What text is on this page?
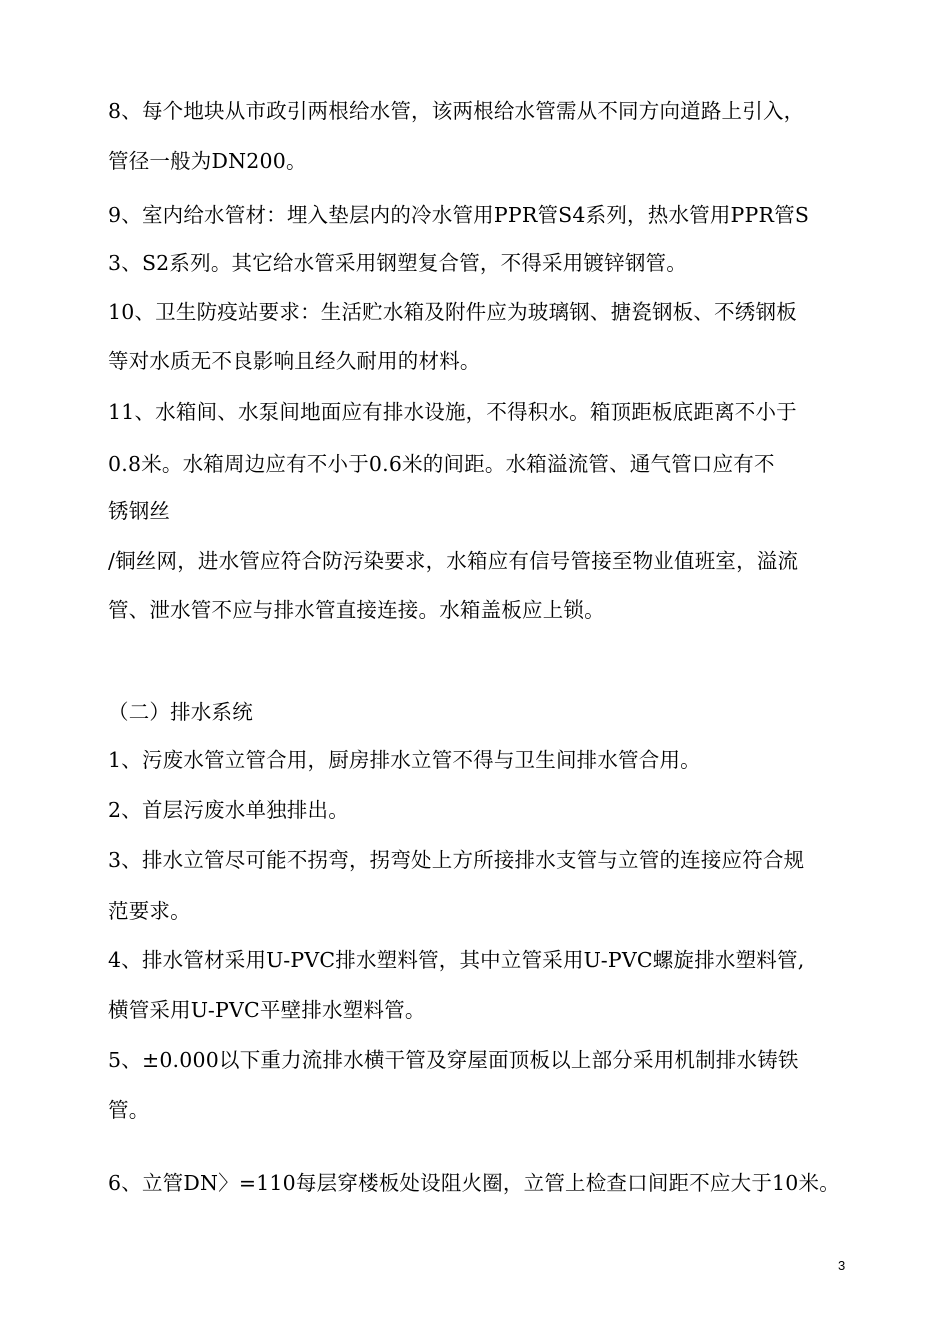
8、每个地块从市政引两根给水管，该两根给水管需从不同方向道路上引入，
管径一般为DN200。
9、室内给水管材：埋入垫层内的冷水管用PPR管S4系列，热水管用PPR管S
3、S2系列。其它给水管采用钢塑复合管，不得采用镀锌钢管。
10、卫生防疫站要求：生活贮水箱及附件应为玻璃钢、搪瓷钢板、不绣钢板
等对水质无不良影响且经久耐用的材料。
11、水箱间、水泵间地面应有排水设施，不得积水。箱顶距板底距离不小于
0.8米。水箱周边应有不小于0.6米的间距。水箱溢流管、通气管口应有不
锈钢丝
/铜丝网，进水管应符合防污染要求，水箱应有信号管接至物业值班室，溢流
管、泄水管不应与排水管直接连接。水箱盖板应上锁。
（二）排水系统
1、污废水管立管合用，厨房排水立管不得与卫生间排水管合用。
2、首层污废水单独排出。
3、排水立管尽可能不拐弯，拐弯处上方所接排水支管与立管的连接应符合规
范要求。
4、排水管材采用U-PVC排水塑料管，其中立管采用U-PVC螺旋排水塑料管,
横管采用U-PVC平壁排水塑料管。
5、±0.000以下重力流排水横干管及穿屋面顶板以上部分采用机制排水铸铁
管。
6、立管DN〉=110每层穿楼板处设阻火圈，立管上检查口间距不应大于10米。
3
